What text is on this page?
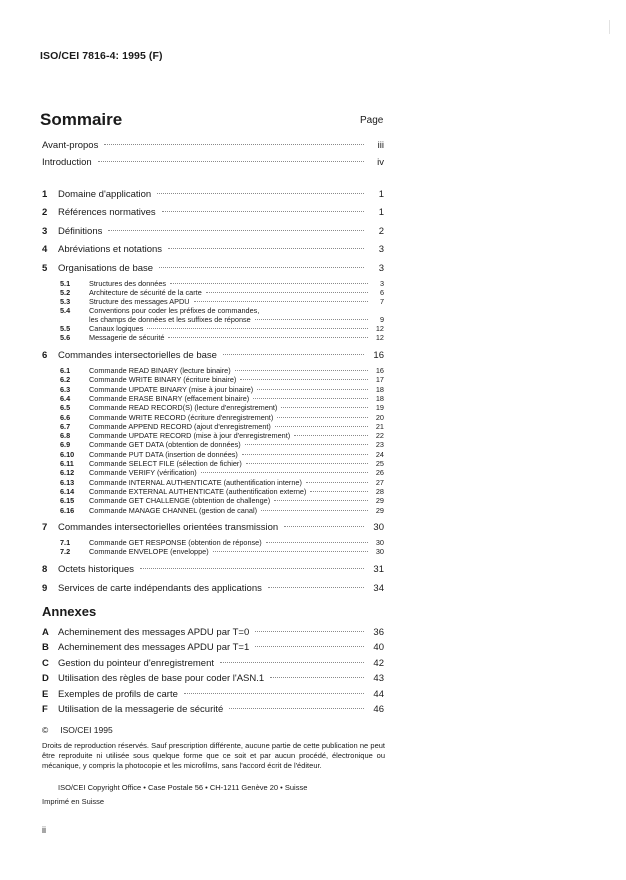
ISO/CEI 7816-4: 1995 (F)
Sommaire	Page
Avant-propos	iii
Introduction	iv
1	Domaine d'application	1
2	Références normatives	1
3	Définitions	2
4	Abréviations et notations	3
5	Organisations de base	3
5.1	Structures des données	3
5.2	Architecture de sécurité de la carte	6
5.3	Structure des messages APDU	7
5.4	Conventions pour coder les préfixes de commandes,
les champs de données et les suffixes de réponse	9
5.5	Canaux logiques	12
5.6	Messagerie de sécurité	12
6	Commandes intersectorielles de base	16
6.1	Commande READ BINARY (lecture binaire)	16
6.2	Commande WRITE BINARY (écriture binaire)	17
6.3	Commande UPDATE BINARY (mise à jour binaire)	18
6.4	Commande ERASE BINARY (effacement binaire)	18
6.5	Commande READ RECORD(S) (lecture d'enregistrement)	19
6.6	Commande WRITE RECORD (écriture d'enregistrement)	20
6.7	Commande APPEND RECORD (ajout d'enregistrement)	21
6.8	Commande UPDATE RECORD (mise à jour d'enregistrement)	22
6.9	Commande GET DATA (obtention de données)	23
6.10	Commande PUT DATA (insertion de données)	24
6.11	Commande SELECT FILE (sélection de fichier)	25
6.12	Commande VERIFY (vérification)	26
6.13	Commande INTERNAL AUTHENTICATE (authentification interne)	27
6.14	Commande EXTERNAL AUTHENTICATE (authentification externe)	28
6.15	Commande GET CHALLENGE (obtention de challenge)	29
6.16	Commande MANAGE CHANNEL (gestion de canal)	29
7	Commandes intersectorielles orientées transmission	30
7.1	Commande GET RESPONSE (obtention de réponse)	30
7.2	Commande ENVELOPE (enveloppe)	30
8	Octets historiques	31
9	Services de carte indépendants des applications	34
Annexes
A Acheminement des messages APDU par T=0	36
B Acheminement des messages APDU par T=1	40
C Gestion du pointeur d'enregistrement	42
D Utilisation des règles de base pour coder l'ASN.1	43
E	Exemples de profils de carte	44
F	Utilisation de la messagerie de sécurité	46
© ISO/CEI 1995
Droits de reproduction réservés. Sauf prescription différente, aucune partie de cette publication ne peut être reproduite ni utilisée sous quelque forme que ce soit et par aucun procédé, électronique ou mécanique, y compris la photocopie et les microfilms, sans l'accord écrit de l'éditeur.
ISO/CEI Copyright Office • Case Postale 56 • CH-1211 Genève 20 • Suisse
Imprimé en Suisse
ii
